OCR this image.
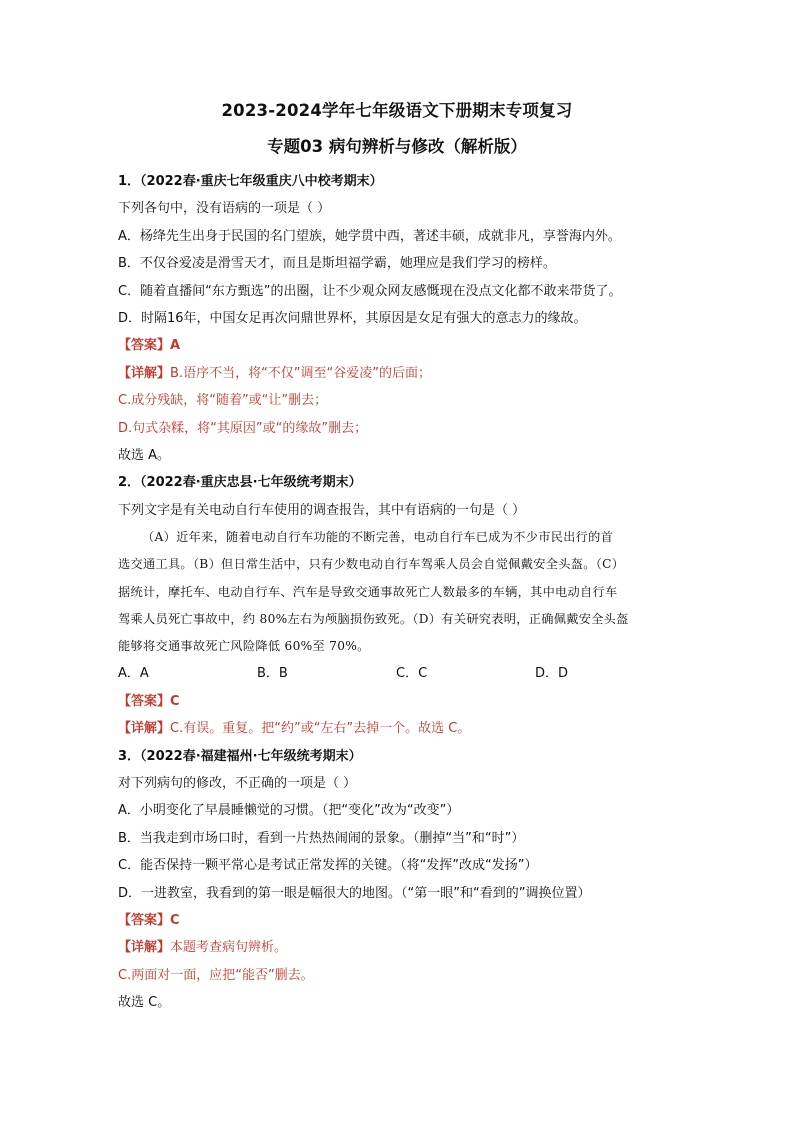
2023-2024学年七年级语文下册期末专项复习
专题03 病句辨析与修改（解析版）
1．（2022春·重庆七年级重庆八中校考期末）
下列各句中，没有语病的一项是（ ）
A．杨绛先生出身于民国的名门望族，她学贯中西，著述丰硕，成就非凡，享誉海内外。
B．不仅谷爱凌是滑雪天才，而且是斯坦福学霸，她理应是我们学习的榜样。
C．随着直播间“东方甄选”的出圈，让不少观众网友感慨现在没点文化都不敢来带货了。
D．时隔16年，中国女足再次问鼎世界杯，其原因是女足有强大的意志力的缘故。
【答案】A
【详解】B.语序不当，将“不仅”调至“谷爱凌”的后面；
C.成分残缺，将“随着”或“让”删去；
D.句式杂糅，将“其原因”或“的缘故”删去；
故选 A。
2．（2022春·重庆忠县·七年级统考期末）
下列文字是有关电动自行车使用的调查报告，其中有语病的一句是（ ）
（A）近年来，随着电动自行车功能的不断完善，电动自行车已成为不少市民出行的首
选交通工具。（B）但日常生活中，只有少数电动自行车驾乘人员会自觉佩戴安全头盔。（C）
据统计，摩托车、电动自行车、汽车是导致交通事故死亡人数最多的车辆，其中电动自行车
驾乘人员死亡事故中，约 80%左右为颅脑损伤致死。（D）有关研究表明，正确佩戴安全头盔
能够将交通事故死亡风险降低 60%至 70%。
A．A	B．B	C．C	D．D
【答案】C
【详解】C.有误。重复。把“约”或“左右”去掉一个。故选 C。
3．（2022春·福建福州·七年级统考期末）
对下列病句的修改，不正确的一项是（ ）
A．小明变化了早晨睡懒觉的习惯。（把“变化”改为“改变”）
B．当我走到市场口时，看到一片热热闹闹的景象。（删掉“当”和“时”）
C．能否保持一颗平常心是考试正常发挥的关键。（将“发挥”改成“发扬”）
D．一进教室，我看到的第一眼是幅很大的地图。（“第一眼”和“看到的”调换位置）
【答案】C
【详解】本题考查病句辨析。
C.两面对一面，应把“能否”删去。
故选 C。
